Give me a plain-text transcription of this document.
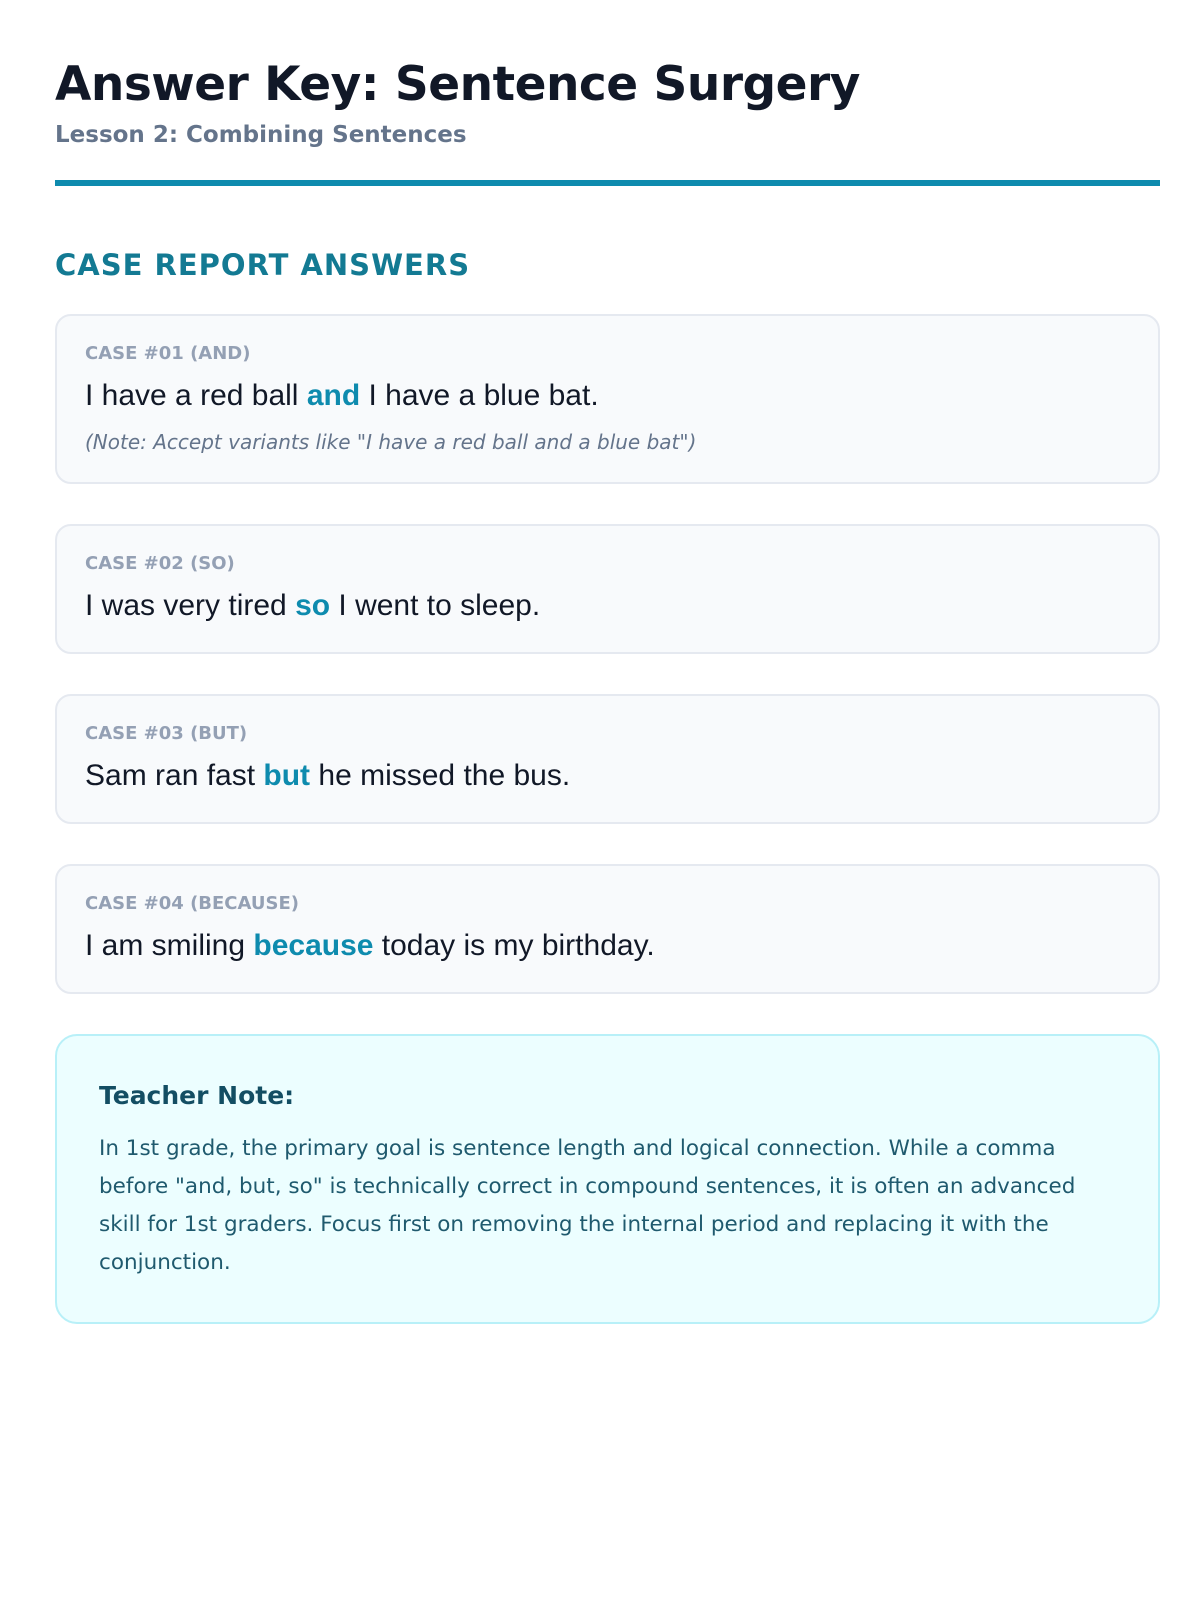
Answer Key: Sentence Surgery
Lesson 2: Combining Sentences
CASE REPORT ANSWERS
CASE #01 (AND)
I have a red ball and I have a blue bat.
(Note: Accept variants like "I have a red ball and a blue bat")
CASE #02 (SO)
I was very tired so I went to sleep.
CASE #03 (BUT)
Sam ran fast but he missed the bus.
CASE #04 (BECAUSE)
I am smiling because today is my birthday.
Teacher Note:

In 1st grade, the primary goal is sentence length and logical connection. While a comma before "and, but, so" is technically correct in compound sentences, it is often an advanced skill for 1st graders. Focus first on removing the internal period and replacing it with the conjunction.
